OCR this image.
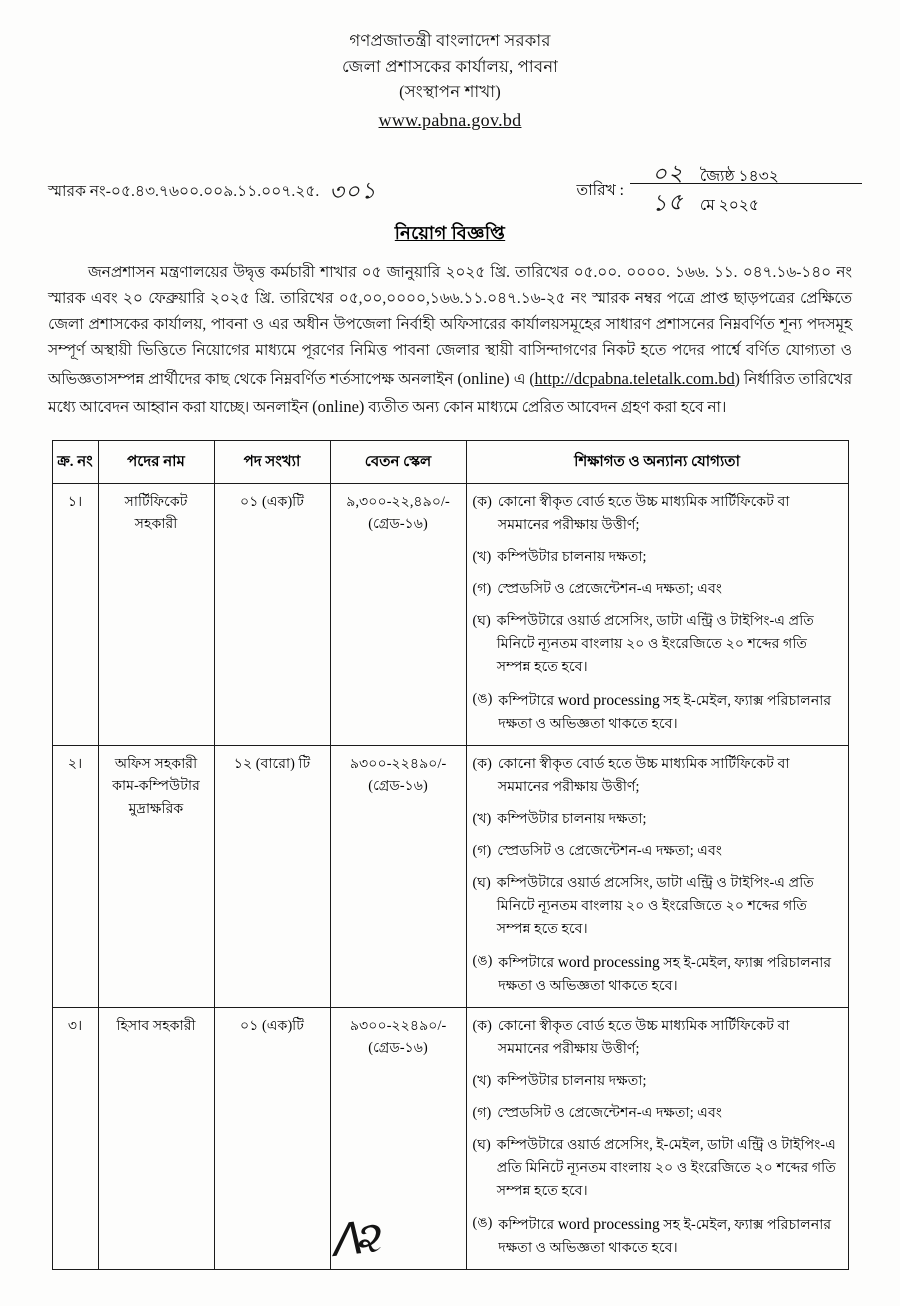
গণপ্রজাতন্ত্রী বাংলাদেশ সরকার
জেলা প্রশাসকের কার্যালয়, পাবনা
(সংস্থাপন শাখা)
www.pabna.gov.bd
স্মারক নং-০৫.৪৩.৭৬০০.০০৯.১১.০০৭.২৫. ৩০১	তারিখ :
০২ জ্যৈষ্ঠ ১৪৩২
১৫ মে ২০২৫
নিয়োগ বিজ্ঞপ্তি
জনপ্রশাসন মন্ত্রণালয়ের উদ্বৃত্ত কর্মচারী শাখার ০৫ জানুয়ারি ২০২৫ খ্রি. তারিখের ০৫.০০. ০০০০. ১৬৬. ১১. ০৪৭.১৬-১৪০ নং স্মারক এবং ২০ ফেব্রুয়ারি ২০২৫ খ্রি. তারিখের ০৫,০০,০০০০,১৬৬.১১.০৪৭.১৬-২৫ নং স্মারক নম্বর পত্রে প্রাপ্ত ছাড়পত্রের প্রেক্ষিতে জেলা প্রশাসকের কার্যালয়, পাবনা ও এর অধীন উপজেলা নির্বাহী অফিসারের কার্যালয়সমূহের সাধারণ প্রশাসনের নিম্নবর্ণিত শূন্য পদসমূহ সম্পূর্ণ অস্থায়ী ভিত্তিতে নিয়োগের মাধ্যমে পূরণের নিমিত্ত পাবনা জেলার স্থায়ী বাসিন্দাগণের নিকট হতে পদের পার্শ্বে বর্ণিত যোগ্যতা ও অভিজ্ঞতাসম্পন্ন প্রার্থীদের কাছ থেকে নিম্নবর্ণিত শর্তসাপেক্ষ অনলাইন (online) এ (http://dcpabna.teletalk.com.bd) নির্ধারিত তারিখের মধ্যে আবেদন আহ্বান করা যাচ্ছে। অনলাইন (online) ব্যতীত অন্য কোন মাধ্যমে প্রেরিত আবেদন গ্রহণ করা হবে না।
ক্র. নং	পদের নাম	পদ সংখ্যা	বেতন স্কেল	শিক্ষাগত ও অন্যান্য যোগ্যতা
১।	সার্টিফিকেট সহকারী	০১ (এক)টি	৯,৩০০-২২,৪৯০/-
(গ্রেড-১৬)

(ক) কোনো স্বীকৃত বোর্ড হতে উচ্চ মাধ্যমিক সার্টিফিকেট বা সমমানের পরীক্ষায় উত্তীর্ণ;
(খ) কম্পিউটার চালনায় দক্ষতা;
(গ) স্প্রেডসিট ও প্রেজেন্টেশন-এ দক্ষতা; এবং
(ঘ) কম্পিউটারে ওয়ার্ড প্রসেসিং, ডাটা এন্ট্রি ও টাইপিং-এ প্রতি মিনিটে ন্যূনতম বাংলায় ২০ ও ইংরেজিতে ২০ শব্দের গতি সম্পন্ন হতে হবে।
(ঙ) কম্পিটারে word processing সহ ই-মেইল, ফ্যাক্স পরিচালনার দক্ষতা ও অভিজ্ঞতা থাকতে হবে।

২।	অফিস সহকারী কাম-কম্পিউটার মুদ্রাক্ষরিক	১২ (বারো) টি	৯৩০০-২২৪৯০/-
(গ্রেড-১৬)

(ক) কোনো স্বীকৃত বোর্ড হতে উচ্চ মাধ্যমিক সার্টিফিকেট বা সমমানের পরীক্ষায় উত্তীর্ণ;
(খ) কম্পিউটার চালনায় দক্ষতা;
(গ) স্প্রেডসিট ও প্রেজেন্টেশন-এ দক্ষতা; এবং
(ঘ) কম্পিউটারে ওয়ার্ড প্রসেসিং, ডাটা এন্ট্রি ও টাইপিং-এ প্রতি মিনিটে ন্যূনতম বাংলায় ২০ ও ইংরেজিতে ২০ শব্দের গতি সম্পন্ন হতে হবে।
(ঙ) কম্পিটারে word processing সহ ই-মেইল, ফ্যাক্স পরিচালনার দক্ষতা ও অভিজ্ঞতা থাকতে হবে।

৩।	হিসাব সহকারী	০১ (এক)টি	৯৩০০-২২৪৯০/-
(গ্রেড-১৬)

(ক) কোনো স্বীকৃত বোর্ড হতে উচ্চ মাধ্যমিক সার্টিফিকেট বা সমমানের পরীক্ষায় উত্তীর্ণ;
(খ) কম্পিউটার চালনায় দক্ষতা;
(গ) স্প্রেডসিট ও প্রেজেন্টেশন-এ দক্ষতা; এবং
(ঘ) কম্পিউটারে ওয়ার্ড প্রসেসিং, ই-মেইল, ডাটা এন্ট্রি ও টাইপিং-এ প্রতি মিনিটে ন্যূনতম বাংলায় ২০ ও ইংরেজিতে ২০ শব্দের গতি সম্পন্ন হতে হবে।
(ঙ) কম্পিটারে word processing সহ ই-মেইল, ফ্যাক্স পরিচালনার দক্ষতা ও অভিজ্ঞতা থাকতে হবে।
ᐱ૨
